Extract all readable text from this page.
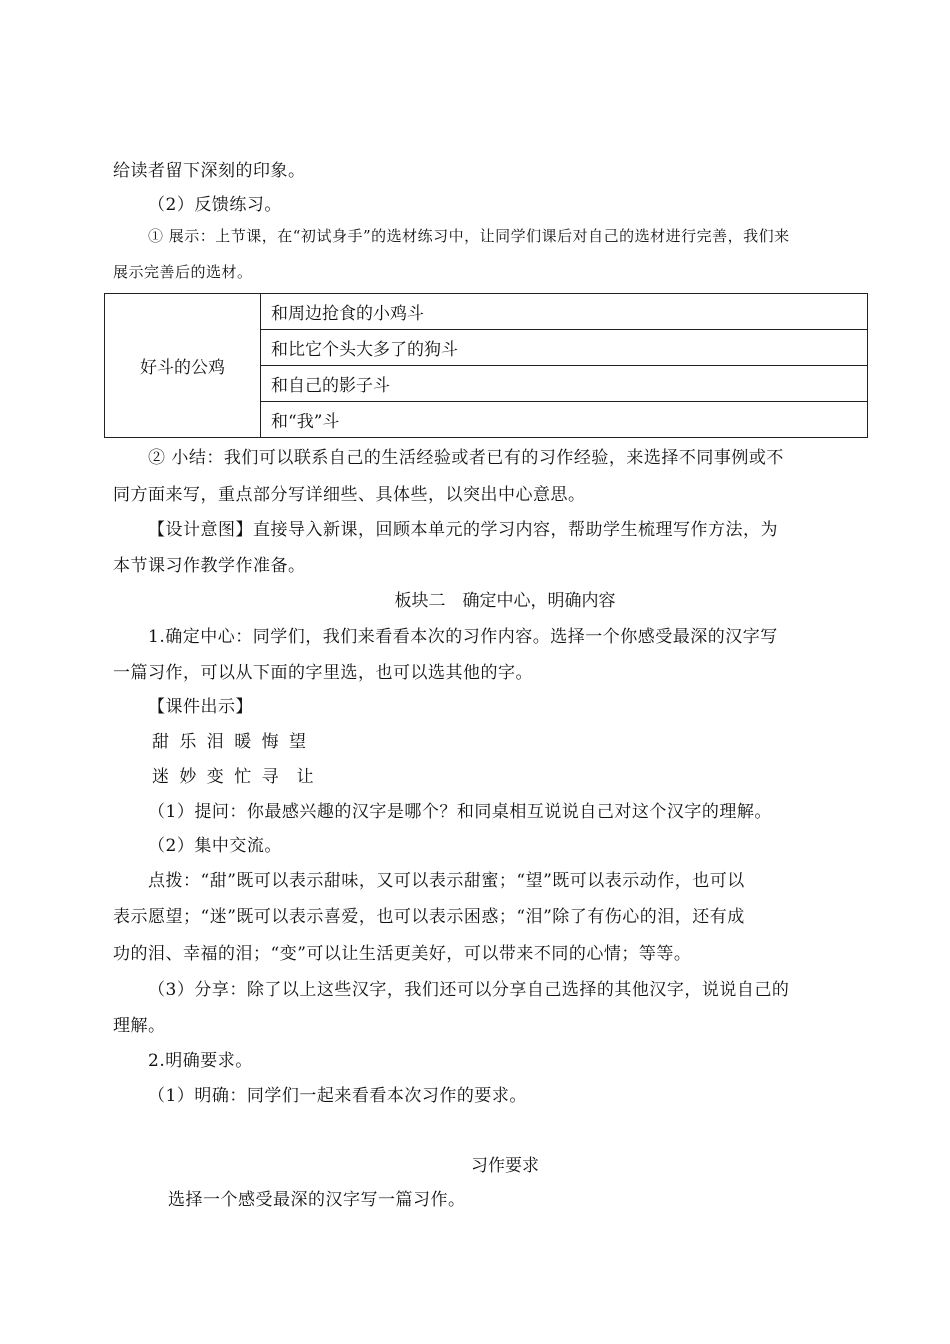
给读者留下深刻的印象。
（2）反馈练习。
① 展示：上节课，在“初试身手”的选材练习中，让同学们课后对自己的选材进行完善，我们来
展示完善后的选材。
好斗的公鸡	和周边抢食的小鸡斗
和比它个头大多了的狗斗
和自己的影子斗
和“我”斗
② 小结：我们可以联系自己的生活经验或者已有的习作经验，来选择不同事例或不
同方面来写，重点部分写详细些、具体些，以突出中心意思。
【设计意图】直接导入新课，回顾本单元的学习内容，帮助学生梳理写作方法，为
本节课习作教学作准备。
板块二　确定中心，明确内容
1.确定中心：同学们，我们来看看本次的习作内容。选择一个你感受最深的汉字写
一篇习作，可以从下面的字里选，也可以选其他的字。
【课件出示】
甜 乐 泪 暖 悔 望
迷 妙 变 忙 寻　让
（1）提问：你最感兴趣的汉字是哪个？和同桌相互说说自己对这个汉字的理解。
（2）集中交流。
点拨：“甜”既可以表示甜味，又可以表示甜蜜；“望”既可以表示动作，也可以
表示愿望；“迷”既可以表示喜爱，也可以表示困惑；“泪”除了有伤心的泪，还有成
功的泪、幸福的泪；“变”可以让生活更美好，可以带来不同的心情；等等。
（3）分享：除了以上这些汉字，我们还可以分享自己选择的其他汉字，说说自己的
理解。
2.明确要求。
（1）明确：同学们一起来看看本次习作的要求。
习作要求
选择一个感受最深的汉字写一篇习作。
